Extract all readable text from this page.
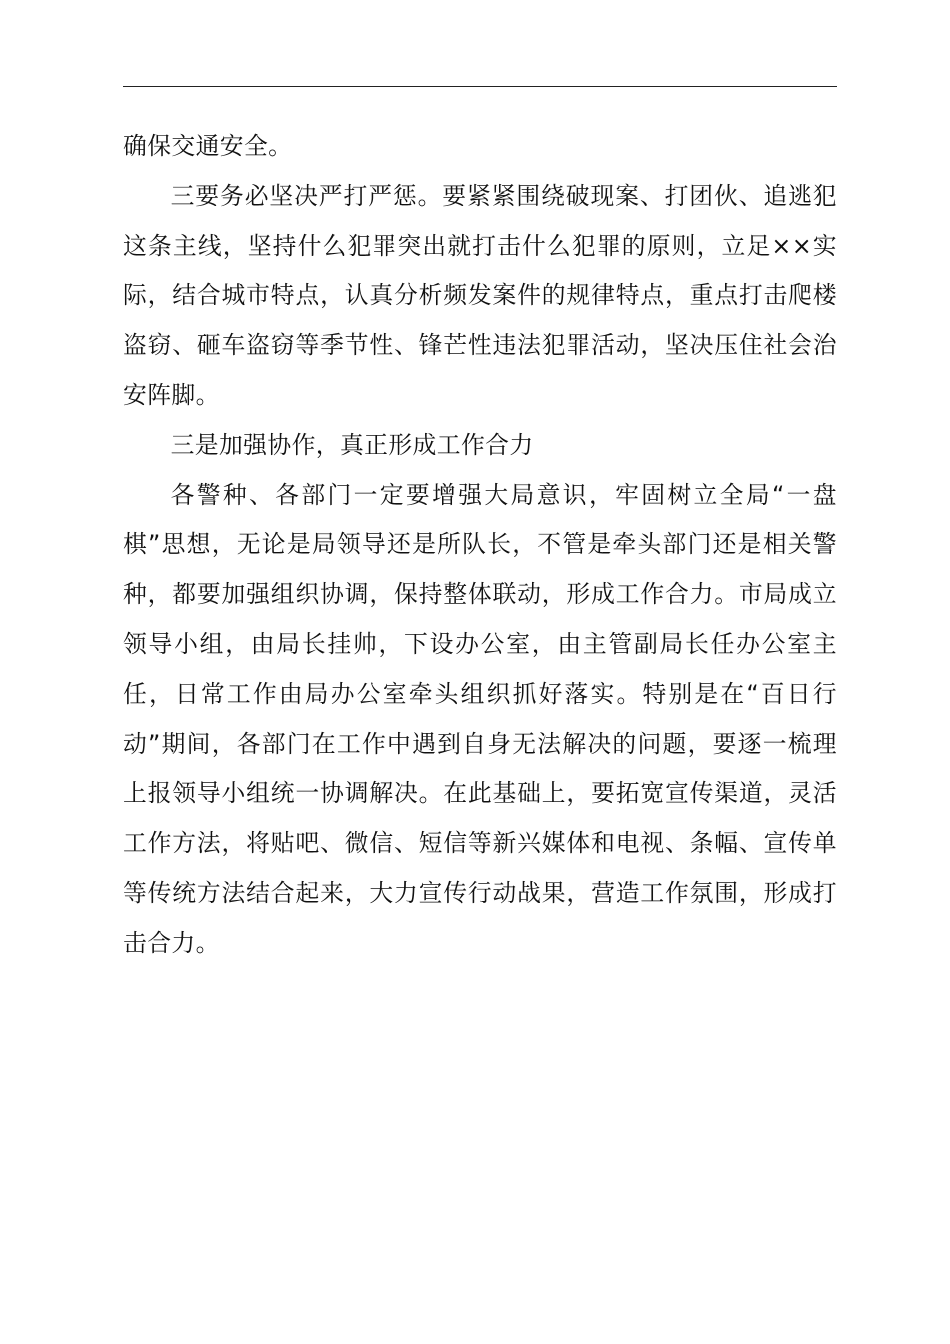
确保交通安全。

三要务必坚决严打严惩。要紧紧围绕破现案、打团伙、追逃犯这条主线，坚持什么犯罪突出就打击什么犯罪的原则，立足××实际，结合城市特点，认真分析频发案件的规律特点，重点打击爬楼盗窃、砸车盗窃等季节性、锋芒性违法犯罪活动，坚决压住社会治安阵脚。

三是加强协作，真正形成工作合力

各警种、各部门一定要增强大局意识，牢固树立全局“一盘棋”思想，无论是局领导还是所队长，不管是牵头部门还是相关警种，都要加强组织协调，保持整体联动，形成工作合力。市局成立领导小组，由局长挂帅，下设办公室，由主管副局长任办公室主任，日常工作由局办公室牵头组织抓好落实。特别是在“百日行动”期间，各部门在工作中遇到自身无法解决的问题，要逐一梳理上报领导小组统一协调解决。在此基础上，要拓宽宣传渠道，灵活工作方法，将贴吧、微信、短信等新兴媒体和电视、条幅、宣传单等传统方法结合起来，大力宣传行动战果，营造工作氛围，形成打击合力。
